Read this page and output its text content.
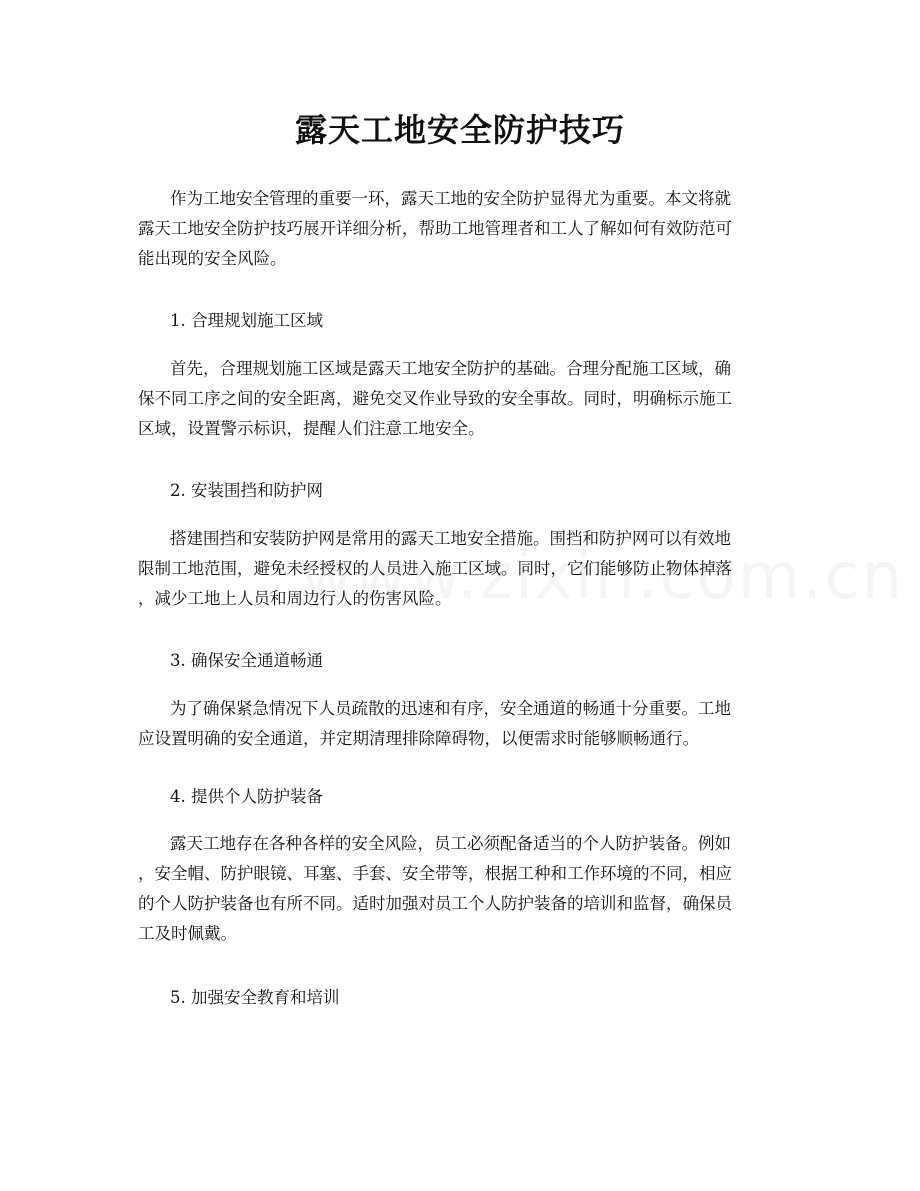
露天工地安全防护技巧
作为工地安全管理的重要一环，露天工地的安全防护显得尤为重要。本文将就
露天工地安全防护技巧展开详细分析，帮助工地管理者和工人了解如何有效防范可
能出现的安全风险。
1. 合理规划施工区域
首先，合理规划施工区域是露天工地安全防护的基础。合理分配施工区域，确
保不同工序之间的安全距离，避免交叉作业导致的安全事故。同时，明确标示施工
区域，设置警示标识，提醒人们注意工地安全。
2. 安装围挡和防护网
搭建围挡和安装防护网是常用的露天工地安全措施。围挡和防护网可以有效地
限制工地范围，避免未经授权的人员进入施工区域。同时，它们能够防止物体掉落
，减少工地上人员和周边行人的伤害风险。
3. 确保安全通道畅通
为了确保紧急情况下人员疏散的迅速和有序，安全通道的畅通十分重要。工地
应设置明确的安全通道，并定期清理排除障碍物，以便需求时能够顺畅通行。
4. 提供个人防护装备
露天工地存在各种各样的安全风险，员工必须配备适当的个人防护装备。例如
，安全帽、防护眼镜、耳塞、手套、安全带等，根据工种和工作环境的不同，相应
的个人防护装备也有所不同。适时加强对员工个人防护装备的培训和监督，确保员
工及时佩戴。
5. 加强安全教育和培训
